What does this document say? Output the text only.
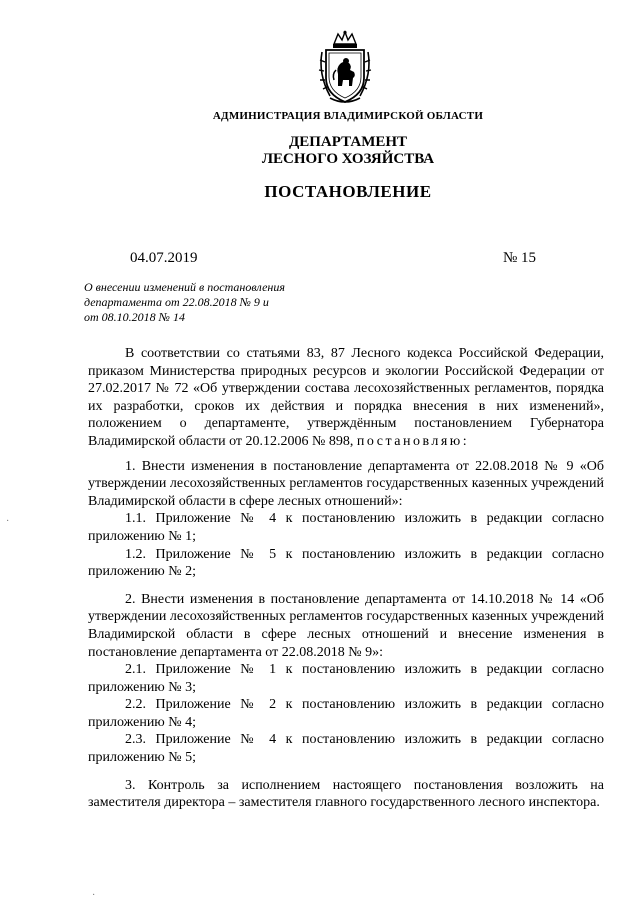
АДМИНИСТРАЦИЯ ВЛАДИМИРСКОЙ ОБЛАСТИ
ДЕПАРТАМЕНТ
ЛЕСНОГО ХОЗЯЙСТВА
ПОСТАНОВЛЕНИЕ
04.07.2019	№ 15
О внесении изменений в постановления
департамента от 22.08.2018 № 9 и
от 08.10.2018 № 14

В соответствии со статьями 83, 87 Лесного кодекса Российской Федерации, приказом Министерства природных ресурсов и экологии Российской Федерации от 27.02.2017 № 72 «Об утверждении состава лесохозяйственных регламентов, порядка их разработки, сроков их действия и порядка внесения в них изменений», положением о департаменте, утверждённым постановлением Губернатора Владимирской области от 20.12.2006 № 898, постановляю:

1. Внести изменения в постановление департамента от 22.08.2018 № 9 «Об утверждении лесохозяйственных регламентов государственных казенных учреждений Владимирской области в сфере лесных отношений»:

1.1. Приложение № 4 к постановлению изложить в редакции согласно приложению № 1;

1.2. Приложение № 5 к постановлению изложить в редакции согласно приложению № 2;

2. Внести изменения в постановление департамента от 14.10.2018 № 14 «Об утверждении лесохозяйственных регламентов государственных казенных учреждений Владимирской области в сфере лесных отношений и внесение изменения в постановление департамента от 22.08.2018 № 9»:

2.1. Приложение № 1 к постановлению изложить в редакции согласно приложению № 3;

2.2. Приложение № 2 к постановлению изложить в редакции согласно приложению № 4;

2.3. Приложение № 4 к постановлению изложить в редакции согласно приложению № 5;

3. Контроль за исполнением настоящего постановления возложить на заместителя директора – заместителя главного государственного лесного инспектора.

·
·
